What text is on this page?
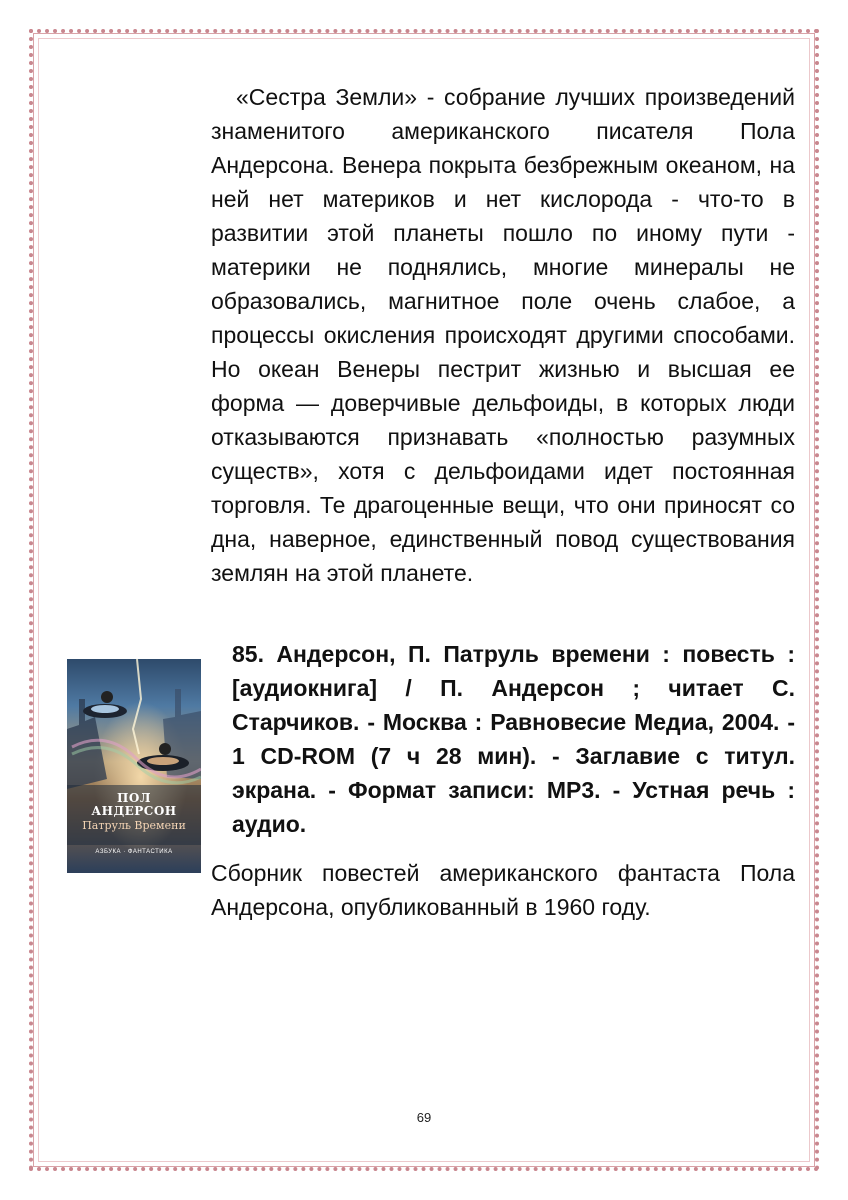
«Сестра Земли» - собрание лучших произведений знаменитого американского писателя Пола Андерсона. Венера покрыта безбрежным океаном, на ней нет материков и нет кислорода - что-то в развитии этой планеты пошло по иному пути - материки не поднялись, многие минералы не образовались, магнитное поле очень слабое, а процессы окисления происходят другими способами. Но океан Венеры пестрит жизнью и высшая ее форма — доверчивые дельфоиды, в которых люди отказываются признавать «полностью разумных существ», хотя с дельфоидами идет постоянная торговля. Те драгоценные вещи, что они приносят со дна, наверное, единственный повод существования землян на этой планете.

ПОЛ
АНДЕРСОН
Патруль Времени
АЗБУКА · ФАНТАСТИКА

85. Андерсон, П. Патруль времени : повесть : [аудиокнига] / П. Андерсон ; читает С. Старчиков. - Москва : Равновесие Медиа, 2004. - 1 CD-ROM (7 ч 28 мин). - Заглавие с титул. экрана. - Формат записи: MP3. - Устная речь : аудио.

Сборник повестей американского фантаста Пола Андерсона, опубликованный в 1960 году.

69
